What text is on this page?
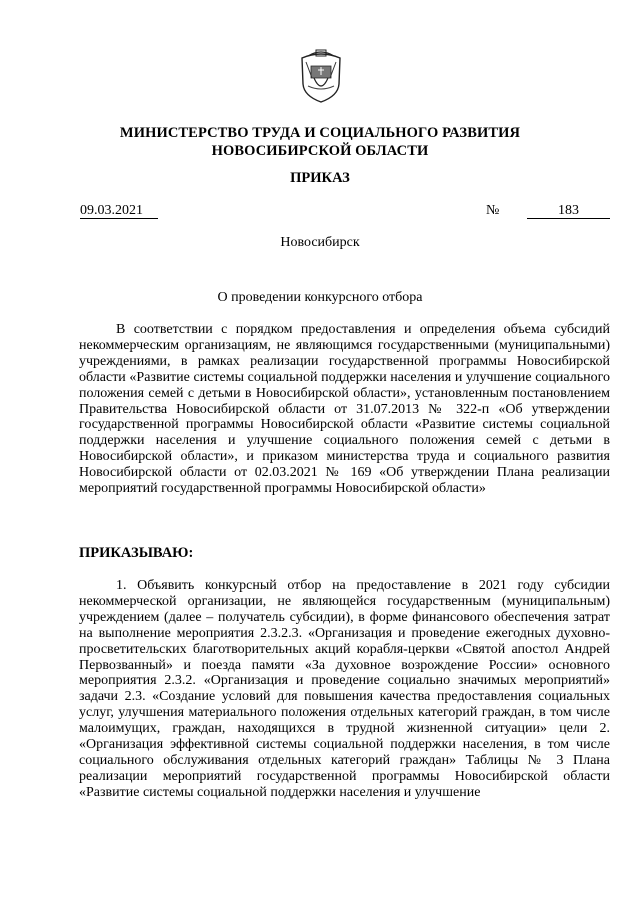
МИНИСТЕРСТВО ТРУДА И СОЦИАЛЬНОГО РАЗВИТИЯ
НОВОСИБИРСКОЙ ОБЛАСТИ
ПРИКАЗ
09.03.2021	№	183
Новосибирск
О проведении конкурсного отбора
В соответствии с порядком предоставления и определения объема субсидий некоммерческим организациям, не являющимся государственными (муниципальными) учреждениями, в рамках реализации государственной программы Новосибирской области «Развитие системы социальной поддержки населения и улучшение социального положения семей с детьми в Новосибирской области», установленным постановлением Правительства Новосибирской области от 31.07.2013 № 322-п «Об утверждении государственной программы Новосибирской области «Развитие системы социальной поддержки населения и улучшение социального положения семей с детьми в Новосибирской области», и приказом министерства труда и социального развития Новосибирской области от 02.03.2021 № 169 «Об утверждении Плана реализации мероприятий государственной программы Новосибирской области»
ПРИКАЗЫВАЮ:
1. Объявить конкурсный отбор на предоставление в 2021 году субсидии некоммерческой организации, не являющейся государственным (муниципальным) учреждением (далее – получатель субсидии), в форме финансового обеспечения затрат на выполнение мероприятия 2.3.2.3. «Организация и проведение ежегодных духовно-просветительских благотворительных акций корабля-церкви «Святой апостол Андрей Первозванный» и поезда памяти «За духовное возрождение России» основного мероприятия 2.3.2. «Организация и проведение социально значимых мероприятий» задачи 2.3. «Создание условий для повышения качества предоставления социальных услуг, улучшения материального положения отдельных категорий граждан, в том числе малоимущих, граждан, находящихся в трудной жизненной ситуации» цели 2. «Организация эффективной системы социальной поддержки населения, в том числе социального обслуживания отдельных категорий граждан» Таблицы № 3 Плана реализации мероприятий государственной программы Новосибирской области «Развитие системы социальной поддержки населения и улучшение
